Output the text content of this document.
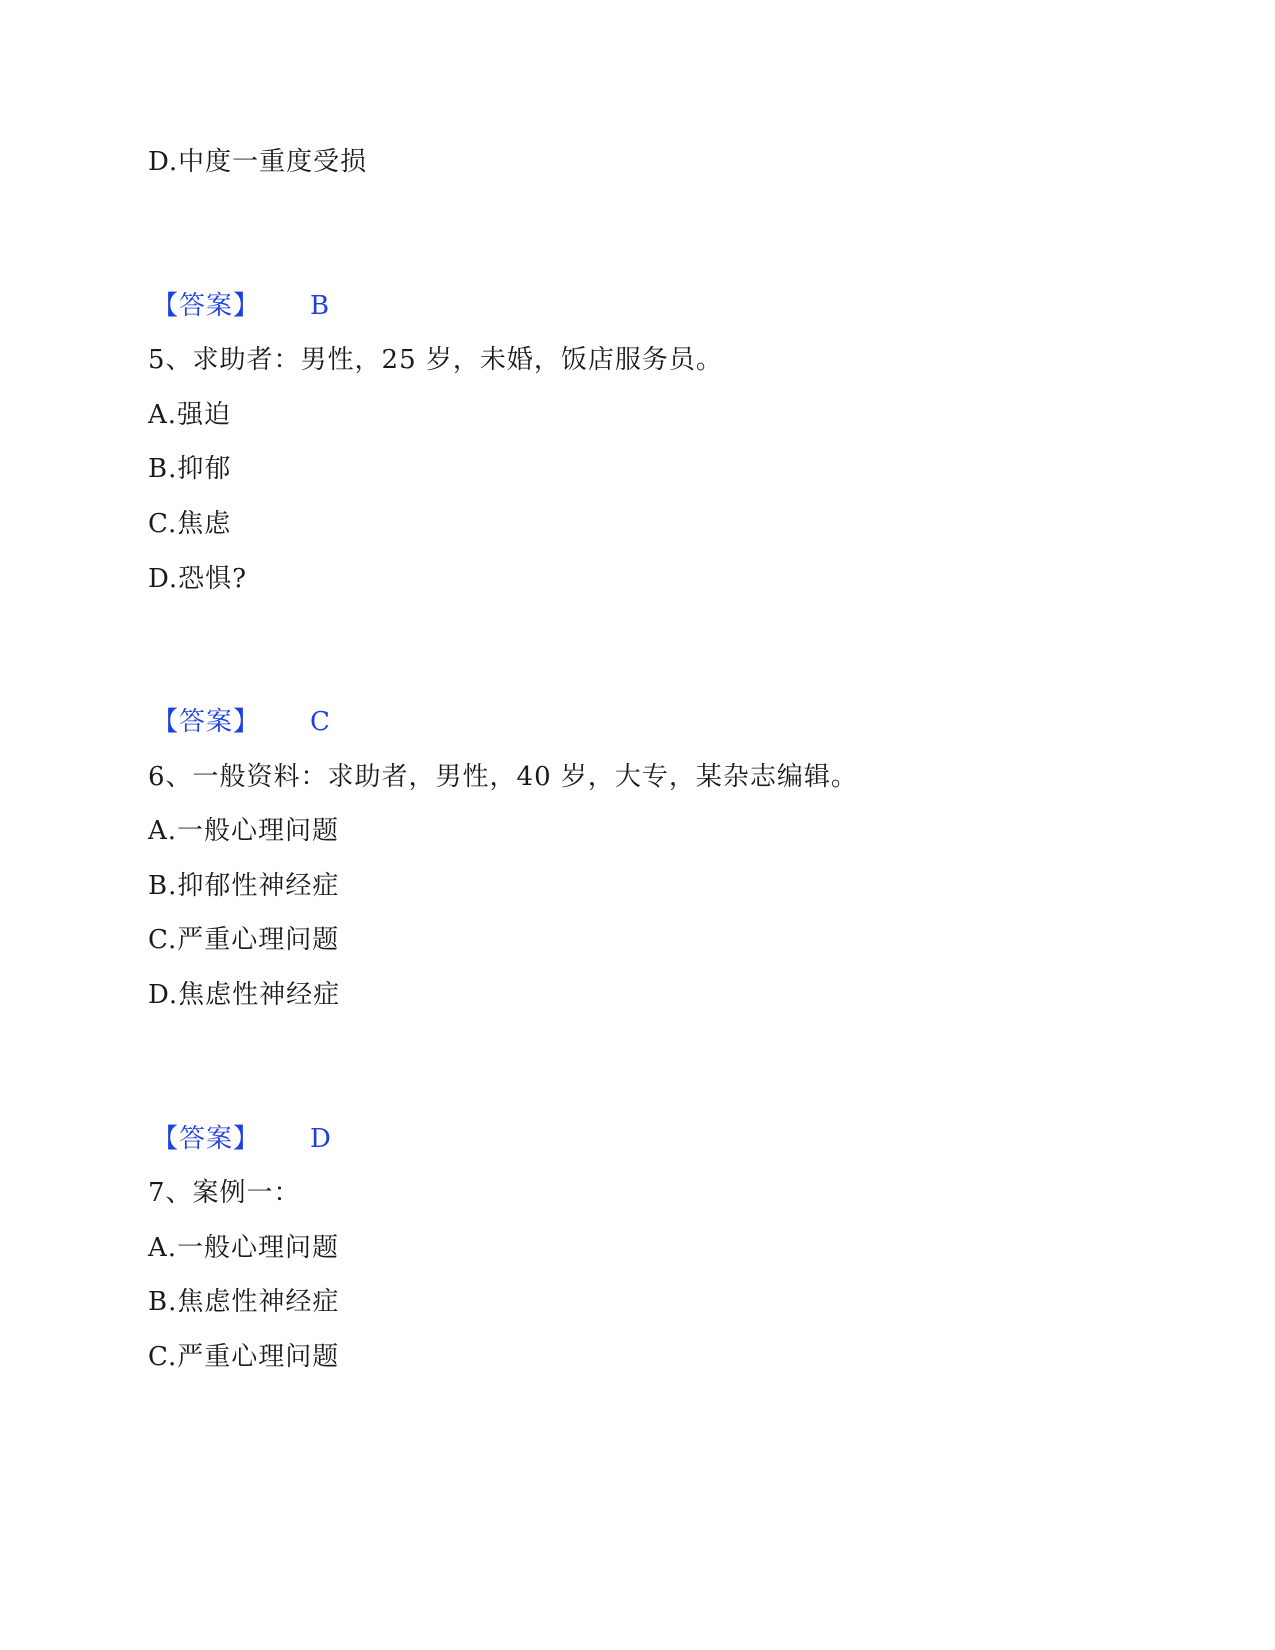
D.中度一重度受损
【答案】 B
5、求助者：男性，25 岁，未婚，饭店服务员。
A.强迫
B.抑郁
C.焦虑
D.恐惧?
【答案】 C
6、一般资料：求助者，男性，40 岁，大专，某杂志编辑。
A.一般心理问题
B.抑郁性神经症
C.严重心理问题
D.焦虑性神经症
【答案】 D
7、案例一：
A.一般心理问题
B.焦虑性神经症
C.严重心理问题
